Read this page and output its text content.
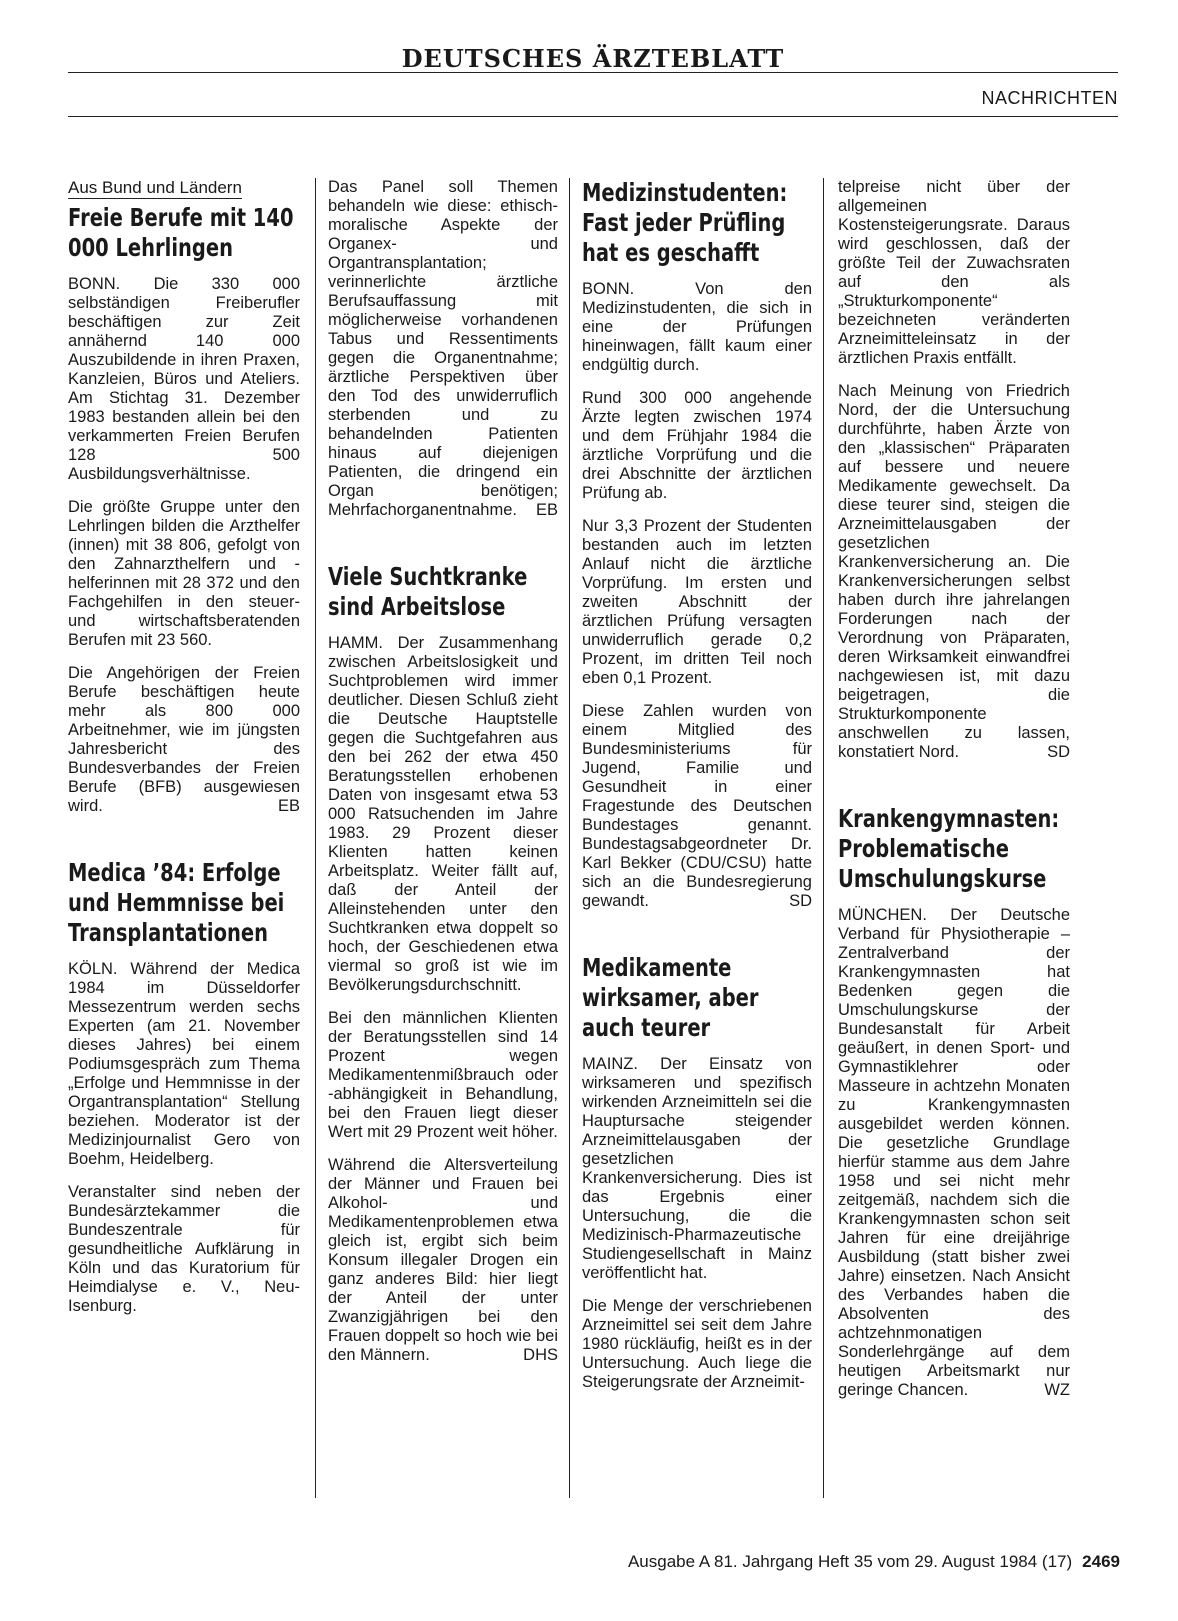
DEUTSCHES ÄRZTEBLATT
NACHRICHTEN
Aus Bund und Ländern
Freie Berufe mit 140 000 Lehrlingen

BONN. Die 330 000 selbständigen Freiberufler beschäftigen zur Zeit annähernd 140 000 Auszubildende in ihren Praxen, Kanzleien, Büros und Ateliers. Am Stichtag 31. Dezember 1983 bestanden allein bei den verkammerten Freien Berufen 128 500 Ausbildungsverhältnisse.

Die größte Gruppe unter den Lehrlingen bilden die Arzthelfer (innen) mit 38 806, gefolgt von den Zahnarzthelfern und -helferinnen mit 28 372 und den Fachgehilfen in den steuer- und wirtschaftsberatenden Berufen mit 23 560.

Die Angehörigen der Freien Berufe beschäftigen heute mehr als 800 000 Arbeitnehmer, wie im jüngsten Jahresbericht des Bundesverbandes der Freien Berufe (BFB) ausgewiesen wird.	EB

Medica ’84: Erfolge und Hemmnisse bei Transplantationen

KÖLN. Während der Medica 1984 im Düsseldorfer Messezentrum werden sechs Experten (am 21. November dieses Jahres) bei einem Podiumsgespräch zum Thema „Erfolge und Hemmnisse in der Organtransplantation“ Stellung beziehen. Moderator ist der Medizinjournalist Gero von Boehm, Heidelberg.

Veranstalter sind neben der Bundesärztekammer die Bundeszentrale für gesundheitliche Aufklärung in Köln und das Kuratorium für Heimdialyse e. V., Neu-Isenburg.

Das Panel soll Themen behandeln wie diese: ethisch-moralische Aspekte der Organex- und Organtransplantation; verinnerlichte ärztliche Berufsauffassung mit möglicherweise vorhandenen Tabus und Ressentiments gegen die Organentnahme; ärztliche Perspektiven über den Tod des unwiderruflich sterbenden und zu behandelnden Patienten hinaus auf diejenigen Patienten, die dringend ein Organ benötigen; Mehrfachorganentnahme. EB

Viele Suchtkranke sind Arbeitslose

HAMM. Der Zusammenhang zwischen Arbeitslosigkeit und Suchtproblemen wird immer deutlicher. Diesen Schluß zieht die Deutsche Hauptstelle gegen die Suchtgefahren aus den bei 262 der etwa 450 Beratungsstellen erhobenen Daten von insgesamt etwa 53 000 Ratsuchenden im Jahre 1983. 29 Prozent dieser Klienten hatten keinen Arbeitsplatz. Weiter fällt auf, daß der Anteil der Alleinstehenden unter den Suchtkranken etwa doppelt so hoch, der Geschiedenen etwa viermal so groß ist wie im Bevölkerungsdurchschnitt.

Bei den männlichen Klienten der Beratungsstellen sind 14 Prozent wegen Medikamentenmißbrauch oder -abhängigkeit in Behandlung, bei den Frauen liegt dieser Wert mit 29 Prozent weit höher.

Während die Altersverteilung der Männer und Frauen bei Alkohol- und Medikamentenproblemen etwa gleich ist, ergibt sich beim Konsum illegaler Drogen ein ganz anderes Bild: hier liegt der Anteil der unter Zwanzigjährigen bei den Frauen doppelt so hoch wie bei den Männern.	DHS

Medizinstudenten: Fast jeder Prüfling hat es geschafft

BONN. Von den Medizinstudenten, die sich in eine der Prüfungen hineinwagen, fällt kaum einer endgültig durch.

Rund 300 000 angehende Ärzte legten zwischen 1974 und dem Frühjahr 1984 die ärztliche Vorprüfung und die drei Abschnitte der ärztlichen Prüfung ab.

Nur 3,3 Prozent der Studenten bestanden auch im letzten Anlauf nicht die ärztliche Vorprüfung. Im ersten und zweiten Abschnitt der ärztlichen Prüfung versagten unwiderruflich gerade 0,2 Prozent, im dritten Teil noch eben 0,1 Prozent.

Diese Zahlen wurden von einem Mitglied des Bundesministeriums für Jugend, Familie und Gesundheit in einer Fragestunde des Deutschen Bundestages genannt. Bundestagsabgeordneter Dr. Karl Bekker (CDU/CSU) hatte sich an die Bundesregierung gewandt.	SD

Medikamente wirksamer, aber auch teurer

MAINZ. Der Einsatz von wirksameren und spezifisch wirkenden Arzneimitteln sei die Hauptursache steigender Arzneimittelausgaben der gesetzlichen Krankenversicherung. Dies ist das Ergebnis einer Untersuchung, die die Medizinisch-Pharmazeutische Studiengesellschaft in Mainz veröffentlicht hat.

Die Menge der verschriebenen Arzneimittel sei seit dem Jahre 1980 rückläufig, heißt es in der Untersuchung. Auch liege die Steigerungsrate der Arzneimit-

telpreise nicht über der allgemeinen Kostensteigerungsrate. Daraus wird geschlossen, daß der größte Teil der Zuwachsraten auf den als „Strukturkomponente“ bezeichneten veränderten Arzneimitteleinsatz in der ärztlichen Praxis entfällt.

Nach Meinung von Friedrich Nord, der die Untersuchung durchführte, haben Ärzte von den „klassischen“ Präparaten auf bessere und neuere Medikamente gewechselt. Da diese teurer sind, steigen die Arzneimittelausgaben der gesetzlichen Krankenversicherung an. Die Krankenversicherungen selbst haben durch ihre jahrelangen Forderungen nach der Verordnung von Präparaten, deren Wirksamkeit einwandfrei nachgewiesen ist, mit dazu beigetragen, die Strukturkomponente anschwellen zu lassen, konstatiert Nord.	SD

Krankengymnasten: Problematische Umschulungskurse

MÜNCHEN. Der Deutsche Verband für Physiotherapie – Zentralverband der Krankengymnasten hat Bedenken gegen die Umschulungskurse der Bundesanstalt für Arbeit geäußert, in denen Sport- und Gymnastiklehrer oder Masseure in achtzehn Monaten zu Krankengymnasten ausgebildet werden können. Die gesetzliche Grundlage hierfür stamme aus dem Jahre 1958 und sei nicht mehr zeitgemäß, nachdem sich die Krankengymnasten schon seit Jahren für eine dreijährige Ausbildung (statt bisher zwei Jahre) einsetzen. Nach Ansicht des Verbandes haben die Absolventen des achtzehnmonatigen Sonderlehrgänge auf dem heutigen Arbeitsmarkt nur geringe Chancen.	WZ

Ausgabe A 81. Jahrgang Heft 35 vom 29. August 1984 (17) 2469
